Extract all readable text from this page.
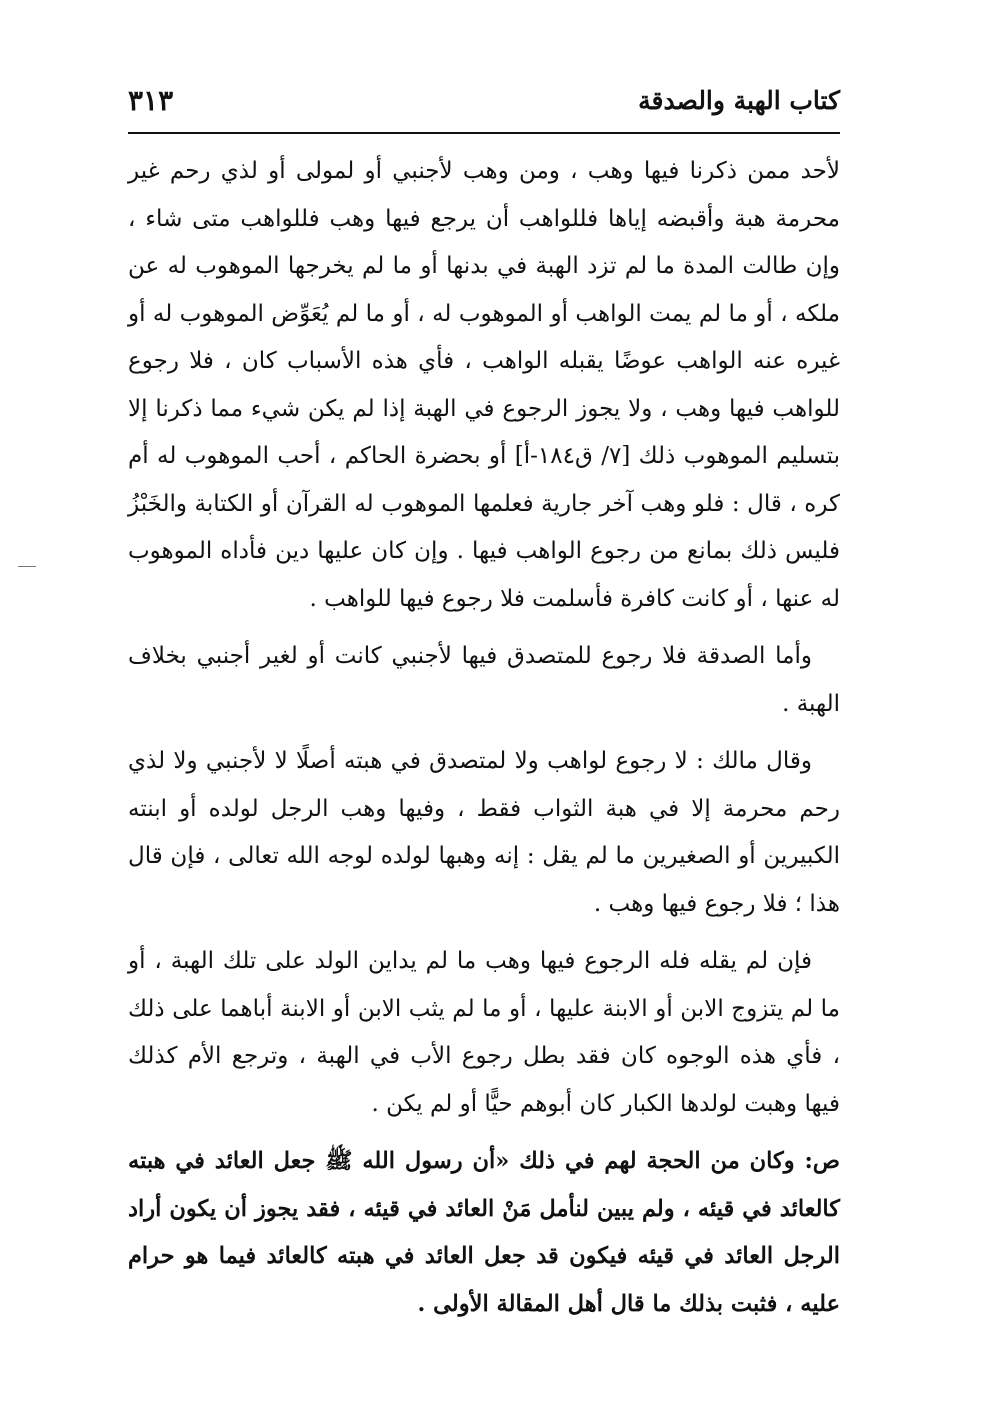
كتاب الهبة والصدقة
٣١٣

لأحد ممن ذكرنا فيها وهب ، ومن وهب لأجنبي أو لمولى أو لذي رحم غير محرمة هبة وأقبضه إياها فللواهب أن يرجع فيها وهب فللواهب متى شاء ، وإن طالت المدة ما لم تزد الهبة في بدنها أو ما لم يخرجها الموهوب له عن ملكه ، أو ما لم يمت الواهب أو الموهوب له ، أو ما لم يُعَوِّض الموهوب له أو غيره عنه الواهب عوضًا يقبله الواهب ، فأي هذه الأسباب كان ، فلا رجوع للواهب فيها وهب ، ولا يجوز الرجوع في الهبة إذا لم يكن شيء مما ذكرنا إلا بتسليم الموهوب ذلك [٧/ ق١٨٤-أ] أو بحضرة الحاكم ، أحب الموهوب له أم كره ، قال : فلو وهب آخر جارية فعلمها الموهوب له القرآن أو الكتابة والخَبْزُ فليس ذلك بمانع من رجوع الواهب فيها . وإن كان عليها دين فأداه الموهوب له عنها ، أو كانت كافرة فأسلمت فلا رجوع فيها للواهب .

وأما الصدقة فلا رجوع للمتصدق فيها لأجنبي كانت أو لغير أجنبي بخلاف الهبة .

وقال مالك : لا رجوع لواهب ولا لمتصدق في هبته أصلًا لا لأجنبي ولا لذي رحم محرمة إلا في هبة الثواب فقط ، وفيها وهب الرجل لولده أو ابنته الكبيرين أو الصغيرين ما لم يقل : إنه وهبها لولده لوجه الله تعالى ، فإن قال هذا ؛ فلا رجوع فيها وهب .

فإن لم يقله فله الرجوع فيها وهب ما لم يداين الولد على تلك الهبة ، أو ما لم يتزوج الابن أو الابنة عليها ، أو ما لم يثب الابن أو الابنة أباهما على ذلك ، فأي هذه الوجوه كان فقد بطل رجوع الأب في الهبة ، وترجع الأم كذلك فيها وهبت لولدها الكبار كان أبوهم حيًّا أو لم يكن .

ص: وكان من الحجة لهم في ذلك «أن رسول الله ﷺ جعل العائد في هبته كالعائد في قيئه ، ولم يبين لنأمل مَنْ العائد في قيئه ، فقد يجوز أن يكون أراد الرجل العائد في قيئه فيكون قد جعل العائد في هبته كالعائد فيما هو حرام عليه ، فثبت بذلك ما قال أهل المقالة الأولى .
